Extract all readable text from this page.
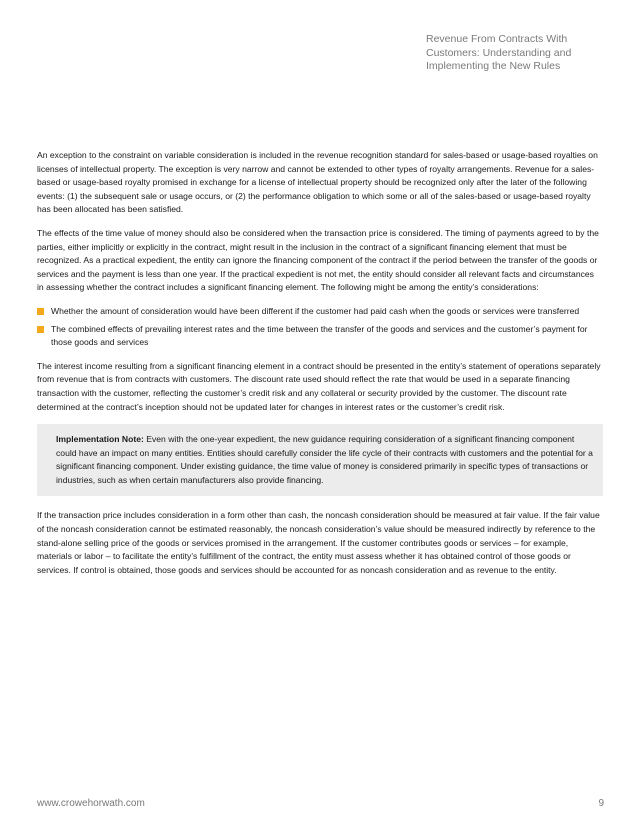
Revenue From Contracts With
Customers: Understanding and
Implementing the New Rules

An exception to the constraint on variable consideration is included in the revenue recognition standard for sales-based or usage-based royalties on licenses of intellectual property. The exception is very narrow and cannot be extended to other types of royalty arrangements. Revenue for a sales-based or usage-based royalty promised in exchange for a license of intellectual property should be recognized only after the later of the following events: (1) the subsequent sale or usage occurs, or (2) the performance obligation to which some or all of the sales-based or usage-based royalty has been allocated has been satisfied.

The effects of the time value of money should also be considered when the transaction price is considered. The timing of payments agreed to by the parties, either implicitly or explicitly in the contract, might result in the inclusion in the contract of a significant financing element that must be recognized. As a practical expedient, the entity can ignore the financing component of the contract if the period between the transfer of the goods or services and the payment is less than one year. If the practical expedient is not met, the entity should consider all relevant facts and circumstances in assessing whether the contract includes a significant financing element. The following might be among the entity’s considerations:

Whether the amount of consideration would have been different if the customer had paid cash when the goods or services were transferred
The combined effects of prevailing interest rates and the time between the transfer of the goods and services and the customer’s payment for those goods and services

The interest income resulting from a significant financing element in a contract should be presented in the entity’s statement of operations separately from revenue that is from contracts with customers. The discount rate used should reflect the rate that would be used in a separate financing transaction with the customer, reflecting the customer’s credit risk and any collateral or security provided by the customer. The discount rate determined at the contract’s inception should not be updated later for changes in interest rates or the customer’s credit risk.

Implementation Note: Even with the one-year expedient, the new guidance requiring consideration of a significant financing component could have an impact on many entities. Entities should carefully consider the life cycle of their contracts with customers and the potential for a significant financing component. Under existing guidance, the time value of money is considered primarily in specific types of transactions or industries, such as when certain manufacturers also provide financing.

If the transaction price includes consideration in a form other than cash, the noncash consideration should be measured at fair value. If the fair value of the noncash consideration cannot be estimated reasonably, the noncash consideration’s value should be measured indirectly by reference to the stand-alone selling price of the goods or services promised in the arrangement. If the customer contributes goods or services – for example, materials or labor – to facilitate the entity’s fulfillment of the contract, the entity must assess whether it has obtained control of those goods or services. If control is obtained, those goods and services should be accounted for as noncash consideration and as revenue to the entity.

www.crowehorwath.com	9
